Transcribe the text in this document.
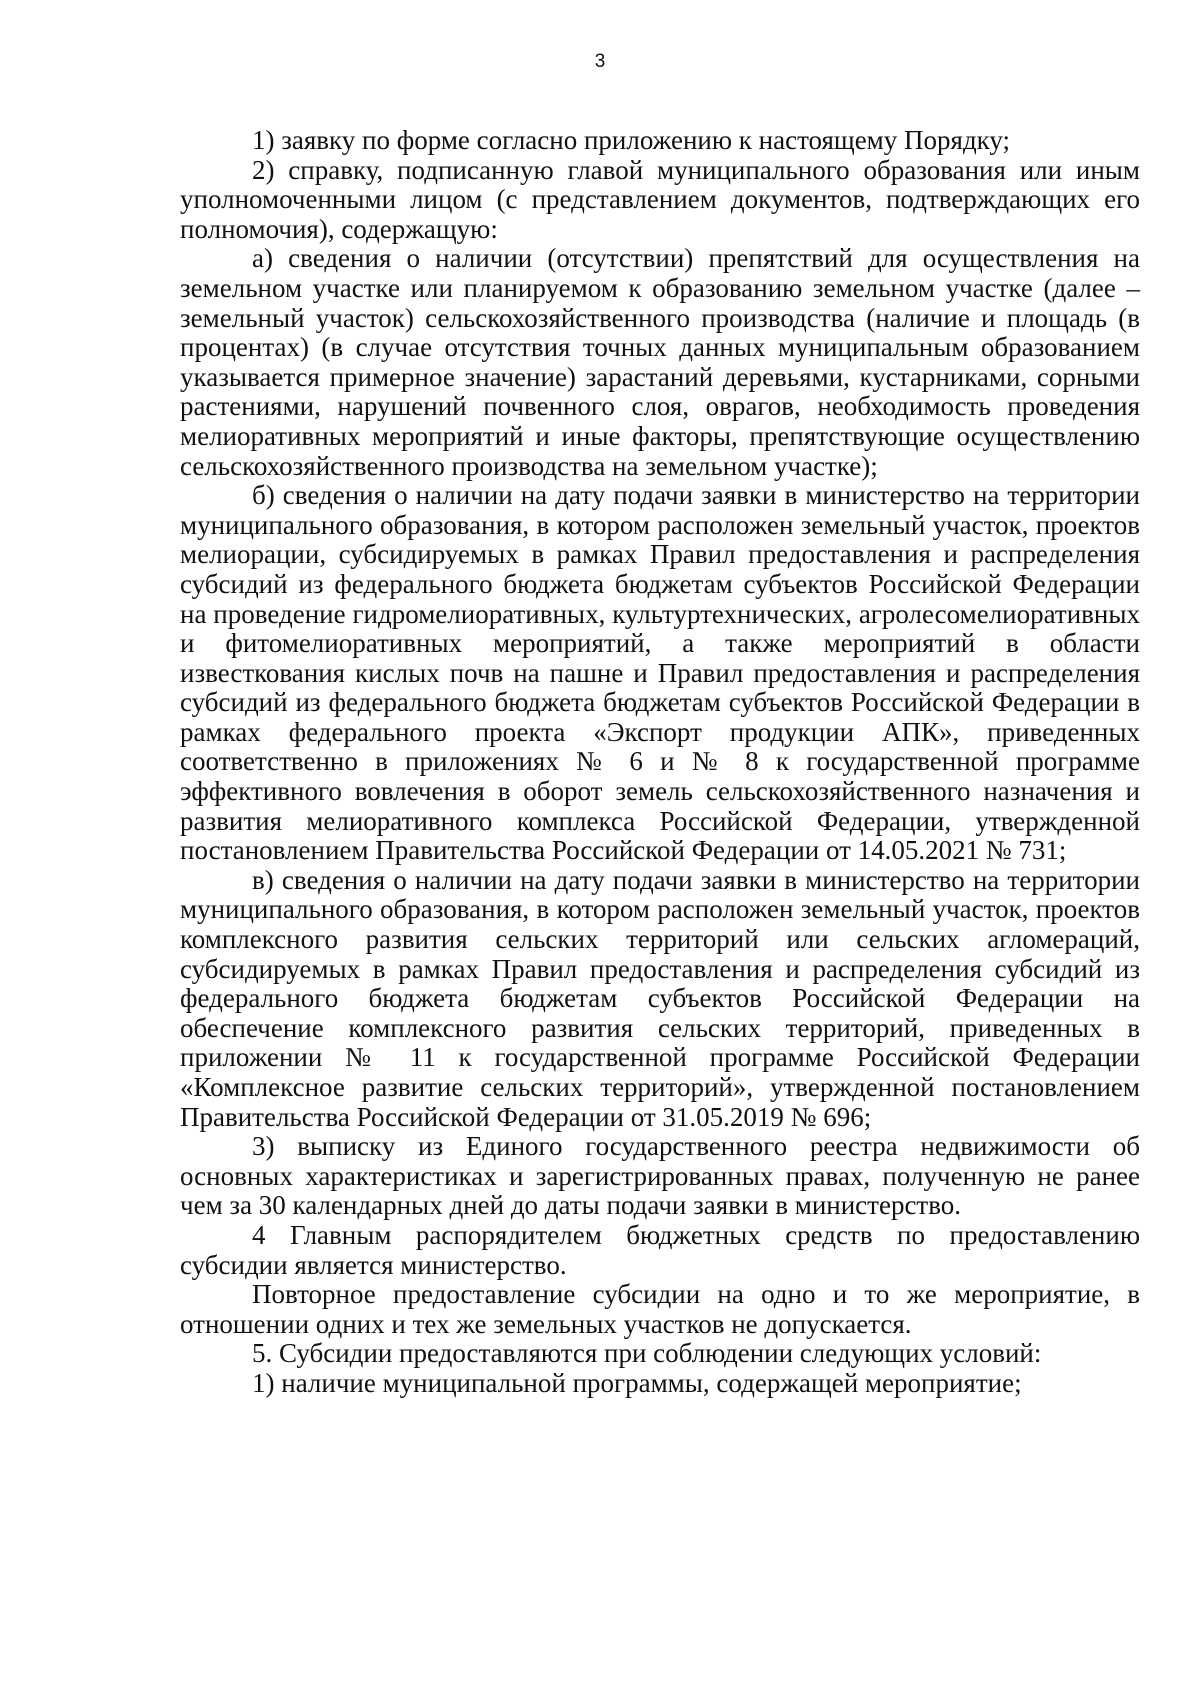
3

1) заявку по форме согласно приложению к настоящему Порядку;

2) справку, подписанную главой муниципального образования или иным уполномоченными лицом (с представлением документов, подтверждающих его полномочия), содержащую:

а) сведения о наличии (отсутствии) препятствий для осуществления на земельном участке или планируемом к образованию земельном участке (далее – земельный участок) сельскохозяйственного производства (наличие и площадь (в процентах) (в случае отсутствия точных данных муниципальным образованием указывается примерное значение) зарастаний деревьями, кустарниками, сорными растениями, нарушений почвенного слоя, оврагов, необходимость проведения мелиоративных мероприятий и иные факторы, препятствующие осуществлению сельскохозяйственного производства на земельном участке);

б) сведения о наличии на дату подачи заявки в министерство на территории муниципального образования, в котором расположен земельный участок, проектов мелиорации, субсидируемых в рамках Правил предоставления и распределения субсидий из федерального бюджета бюджетам субъектов Российской Федерации на проведение гидромелиоративных, культуртехнических, агролесомелиоративных и фитомелиоративных мероприятий, а также мероприятий в области известкования кислых почв на пашне и Правил предоставления и распределения субсидий из федерального бюджета бюджетам субъектов Российской Федерации в рамках федерального проекта «Экспорт продукции АПК», приведенных соответственно в приложениях № 6 и № 8 к государственной программе эффективного вовлечения в оборот земель сельскохозяйственного назначения и развития мелиоративного комплекса Российской Федерации, утвержденной постановлением Правительства Российской Федерации от 14.05.2021 № 731;

в) сведения о наличии на дату подачи заявки в министерство на территории муниципального образования, в котором расположен земельный участок, проектов комплексного развития сельских территорий или сельских агломераций, субсидируемых в рамках Правил предоставления и распределения субсидий из федерального бюджета бюджетам субъектов Российской Федерации на обеспечение комплексного развития сельских территорий, приведенных в приложении № 11 к государственной программе Российской Федерации «Комплексное развитие сельских территорий», утвержденной постановлением Правительства Российской Федерации от 31.05.2019 № 696;

3) выписку из Единого государственного реестра недвижимости об основных характеристиках и зарегистрированных правах, полученную не ранее чем за 30 календарных дней до даты подачи заявки в министерство.

4 Главным распорядителем бюджетных средств по предоставлению субсидии является министерство.

Повторное предоставление субсидии на одно и то же мероприятие, в отношении одних и тех же земельных участков не допускается.

5. Субсидии предоставляются при соблюдении следующих условий:

1) наличие муниципальной программы, содержащей мероприятие;
